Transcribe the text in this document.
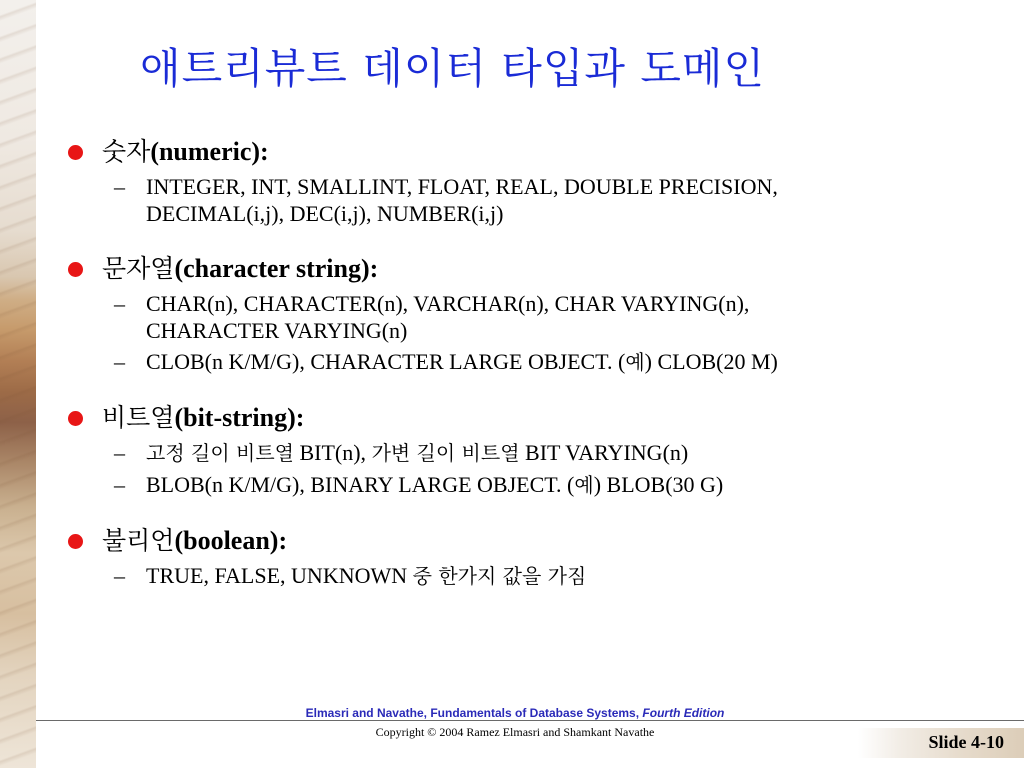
애트리뷰트 데이터 타입과 도메인
숫자(numeric):
– INTEGER, INT, SMALLINT, FLOAT, REAL, DOUBLE PRECISION,
DECIMAL(i,j), DEC(i,j), NUMBER(i,j)
문자열(character string):
– CHAR(n), CHARACTER(n), VARCHAR(n), CHAR VARYING(n),
CHARACTER VARYING(n)
– CLOB(n K/M/G), CHARACTER LARGE OBJECT. (예) CLOB(20 M)
비트열(bit-string):
– 고정 길이 비트열 BIT(n), 가변 길이 비트열 BIT VARYING(n)
– BLOB(n K/M/G), BINARY LARGE OBJECT. (예) BLOB(30 G)
불리언(boolean):
– TRUE, FALSE, UNKNOWN 중 한가지 값을 가짐
Elmasri and Navathe, Fundamentals of Database Systems, Fourth Edition
Copyright © 2004 Ramez Elmasri and Shamkant Navathe	Slide 4-10
